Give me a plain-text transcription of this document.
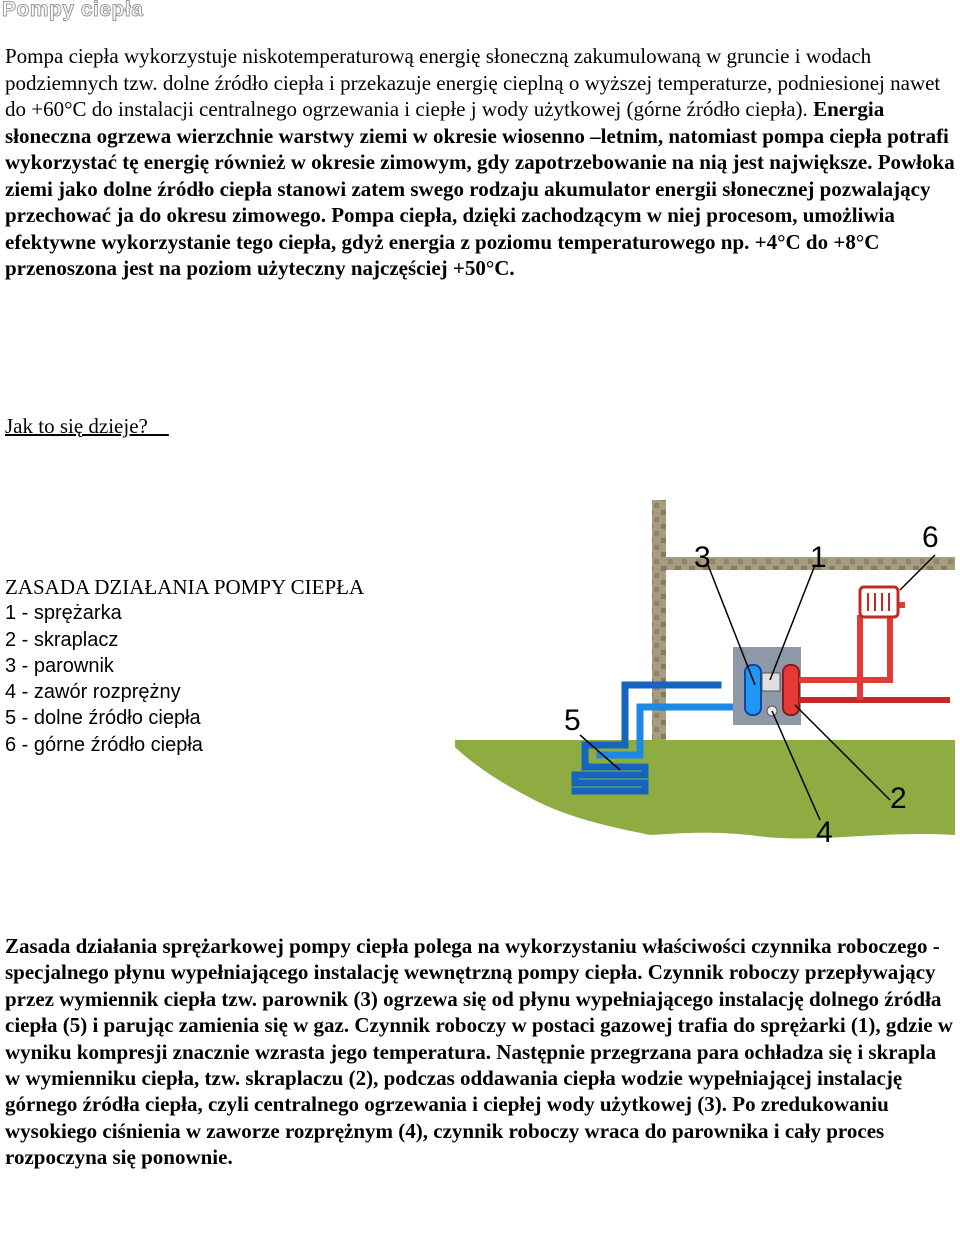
Pompy ciepła

Pompa ciepła wykorzystuje niskotemperaturową energię słoneczną zakumulowaną w gruncie i wodach podziemnych tzw. dolne źródło ciepła i przekazuje energię cieplną o wyższej temperaturze, podniesionej nawet do +60°C do instalacji centralnego ogrzewania i ciepłe j wody użytkowej (górne źródło ciepła). Energia słoneczna ogrzewa wierzchnie warstwy ziemi w okresie wiosenno –letnim, natomiast pompa ciepła potrafi wykorzystać tę energię również w okresie zimowym, gdy zapotrzebowanie na nią jest największe. Powłoka ziemi jako dolne źródło ciepła stanowi zatem swego rodzaju akumulator energii słonecznej pozwalający przechować ja do okresu zimowego. Pompa ciepła, dzięki zachodzącym w niej procesom, umożliwia efektywne wykorzystanie tego ciepła, gdyż energia z poziomu temperaturowego np. +4°C do +8°C przenoszona jest na poziom użyteczny najczęściej +50°C.

Jak to się dzieje?
ZASADA DZIAŁANIA POMPY CIEPŁA
1 - sprężarka
2 - skraplacz
3 - parownik
4 - zawór rozprężny
5 - dolne źródło ciepła
6 - górne źródło ciepła
3	1
6
5
4
2

Zasada działania sprężarkowej pompy ciepła polega na wykorzystaniu właściwości czynnika roboczego - specjalnego płynu wypełniającego instalację wewnętrzną pompy ciepła. Czynnik roboczy przepływający przez wymiennik ciepła tzw. parownik (3) ogrzewa się od płynu wypełniającego instalację dolnego źródła ciepła (5) i parując zamienia się w gaz. Czynnik roboczy w postaci gazowej trafia do sprężarki (1), gdzie w wyniku kompresji znacznie wzrasta jego temperatura. Następnie przegrzana para ochładza się i skrapla w wymienniku ciepła, tzw. skraplaczu (2), podczas oddawania ciepła wodzie wypełniającej instalację górnego źródła ciepła, czyli centralnego ogrzewania i ciepłej wody użytkowej (3). Po zredukowaniu wysokiego ciśnienia w zaworze rozprężnym (4), czynnik roboczy wraca do parownika i cały proces rozpoczyna się ponownie.
